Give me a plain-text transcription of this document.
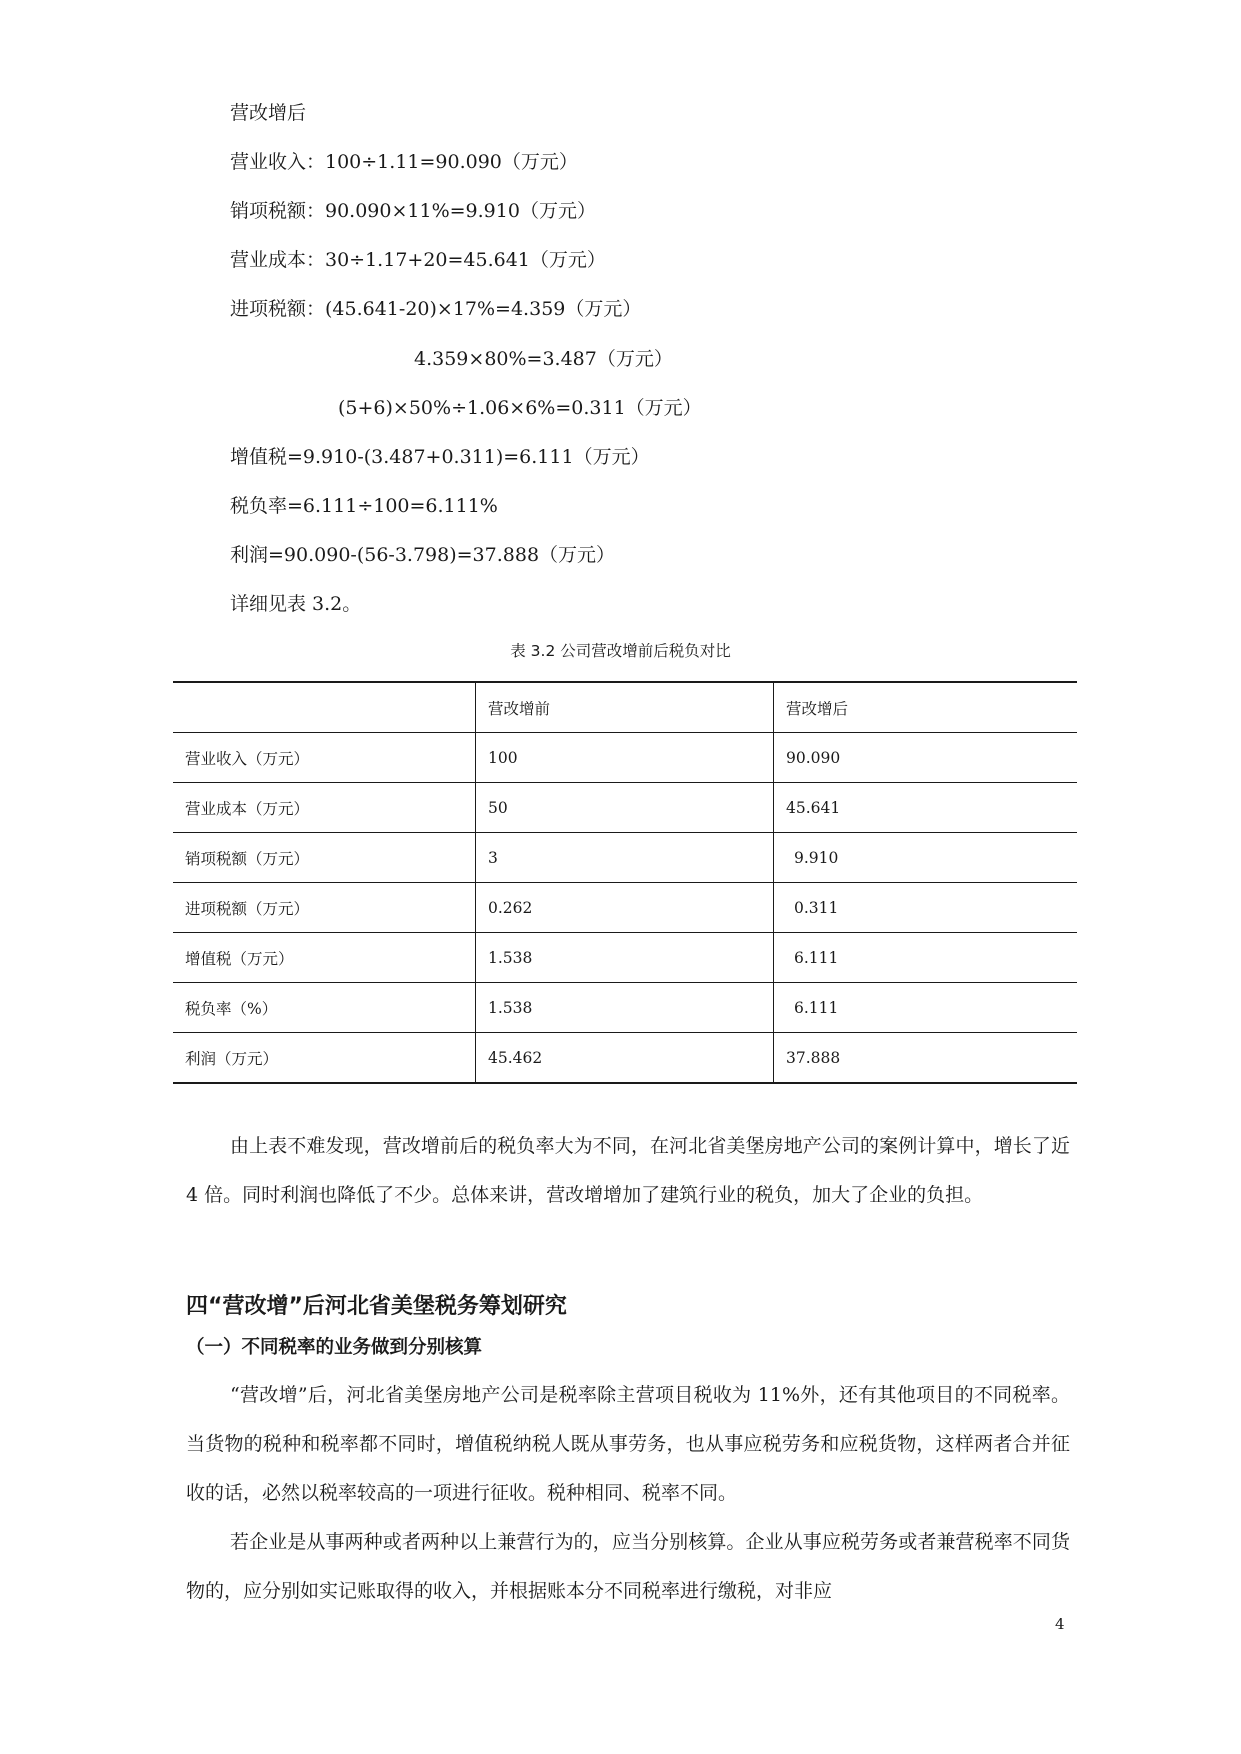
营改增后
营业收入：100÷1.11=90.090（万元）
销项税额：90.090×11%=9.910（万元）
营业成本：30÷1.17+20=45.641（万元）
进项税额：(45.641-20)×17%=4.359（万元）
4.359×80%=3.487（万元）
(5+6)×50%÷1.06×6%=0.311（万元）
增值税=9.910-(3.487+0.311)=6.111（万元）
税负率=6.111÷100=6.111%
利润=90.090-(56-3.798)=37.888（万元）
详细见表 3.2。
表 3.2 公司营改增前后税负对比
	营改增前	营改增后
营业收入（万元）	100	90.090
营业成本（万元）	50	45.641
销项税额（万元）	3	9.910
进项税额（万元）	0.262	0.311
增值税（万元）	1.538	6.111
税负率（%）	1.538	6.111
利润（万元）	45.462	37.888
由上表不难发现，营改增前后的税负率大为不同，在河北省美堡房地产公司的案例计算中，增长了近 4 倍。同时利润也降低了不少。总体来讲，营改增增加了建筑行业的税负，加大了企业的负担。
四“营改增”后河北省美堡税务筹划研究
（一）不同税率的业务做到分别核算
“营改增”后，河北省美堡房地产公司是税率除主营项目税收为 11%外，还有其他项目的不同税率。当货物的税种和税率都不同时，增值税纳税人既从事劳务，也从事应税劳务和应税货物，这样两者合并征收的话，必然以税率较高的一项进行征收。税种相同、税率不同。
若企业是从事两种或者两种以上兼营行为的，应当分别核算。企业从事应税劳务或者兼营税率不同货物的，应分别如实记账取得的收入，并根据账本分不同税率进行缴税，对非应
4
